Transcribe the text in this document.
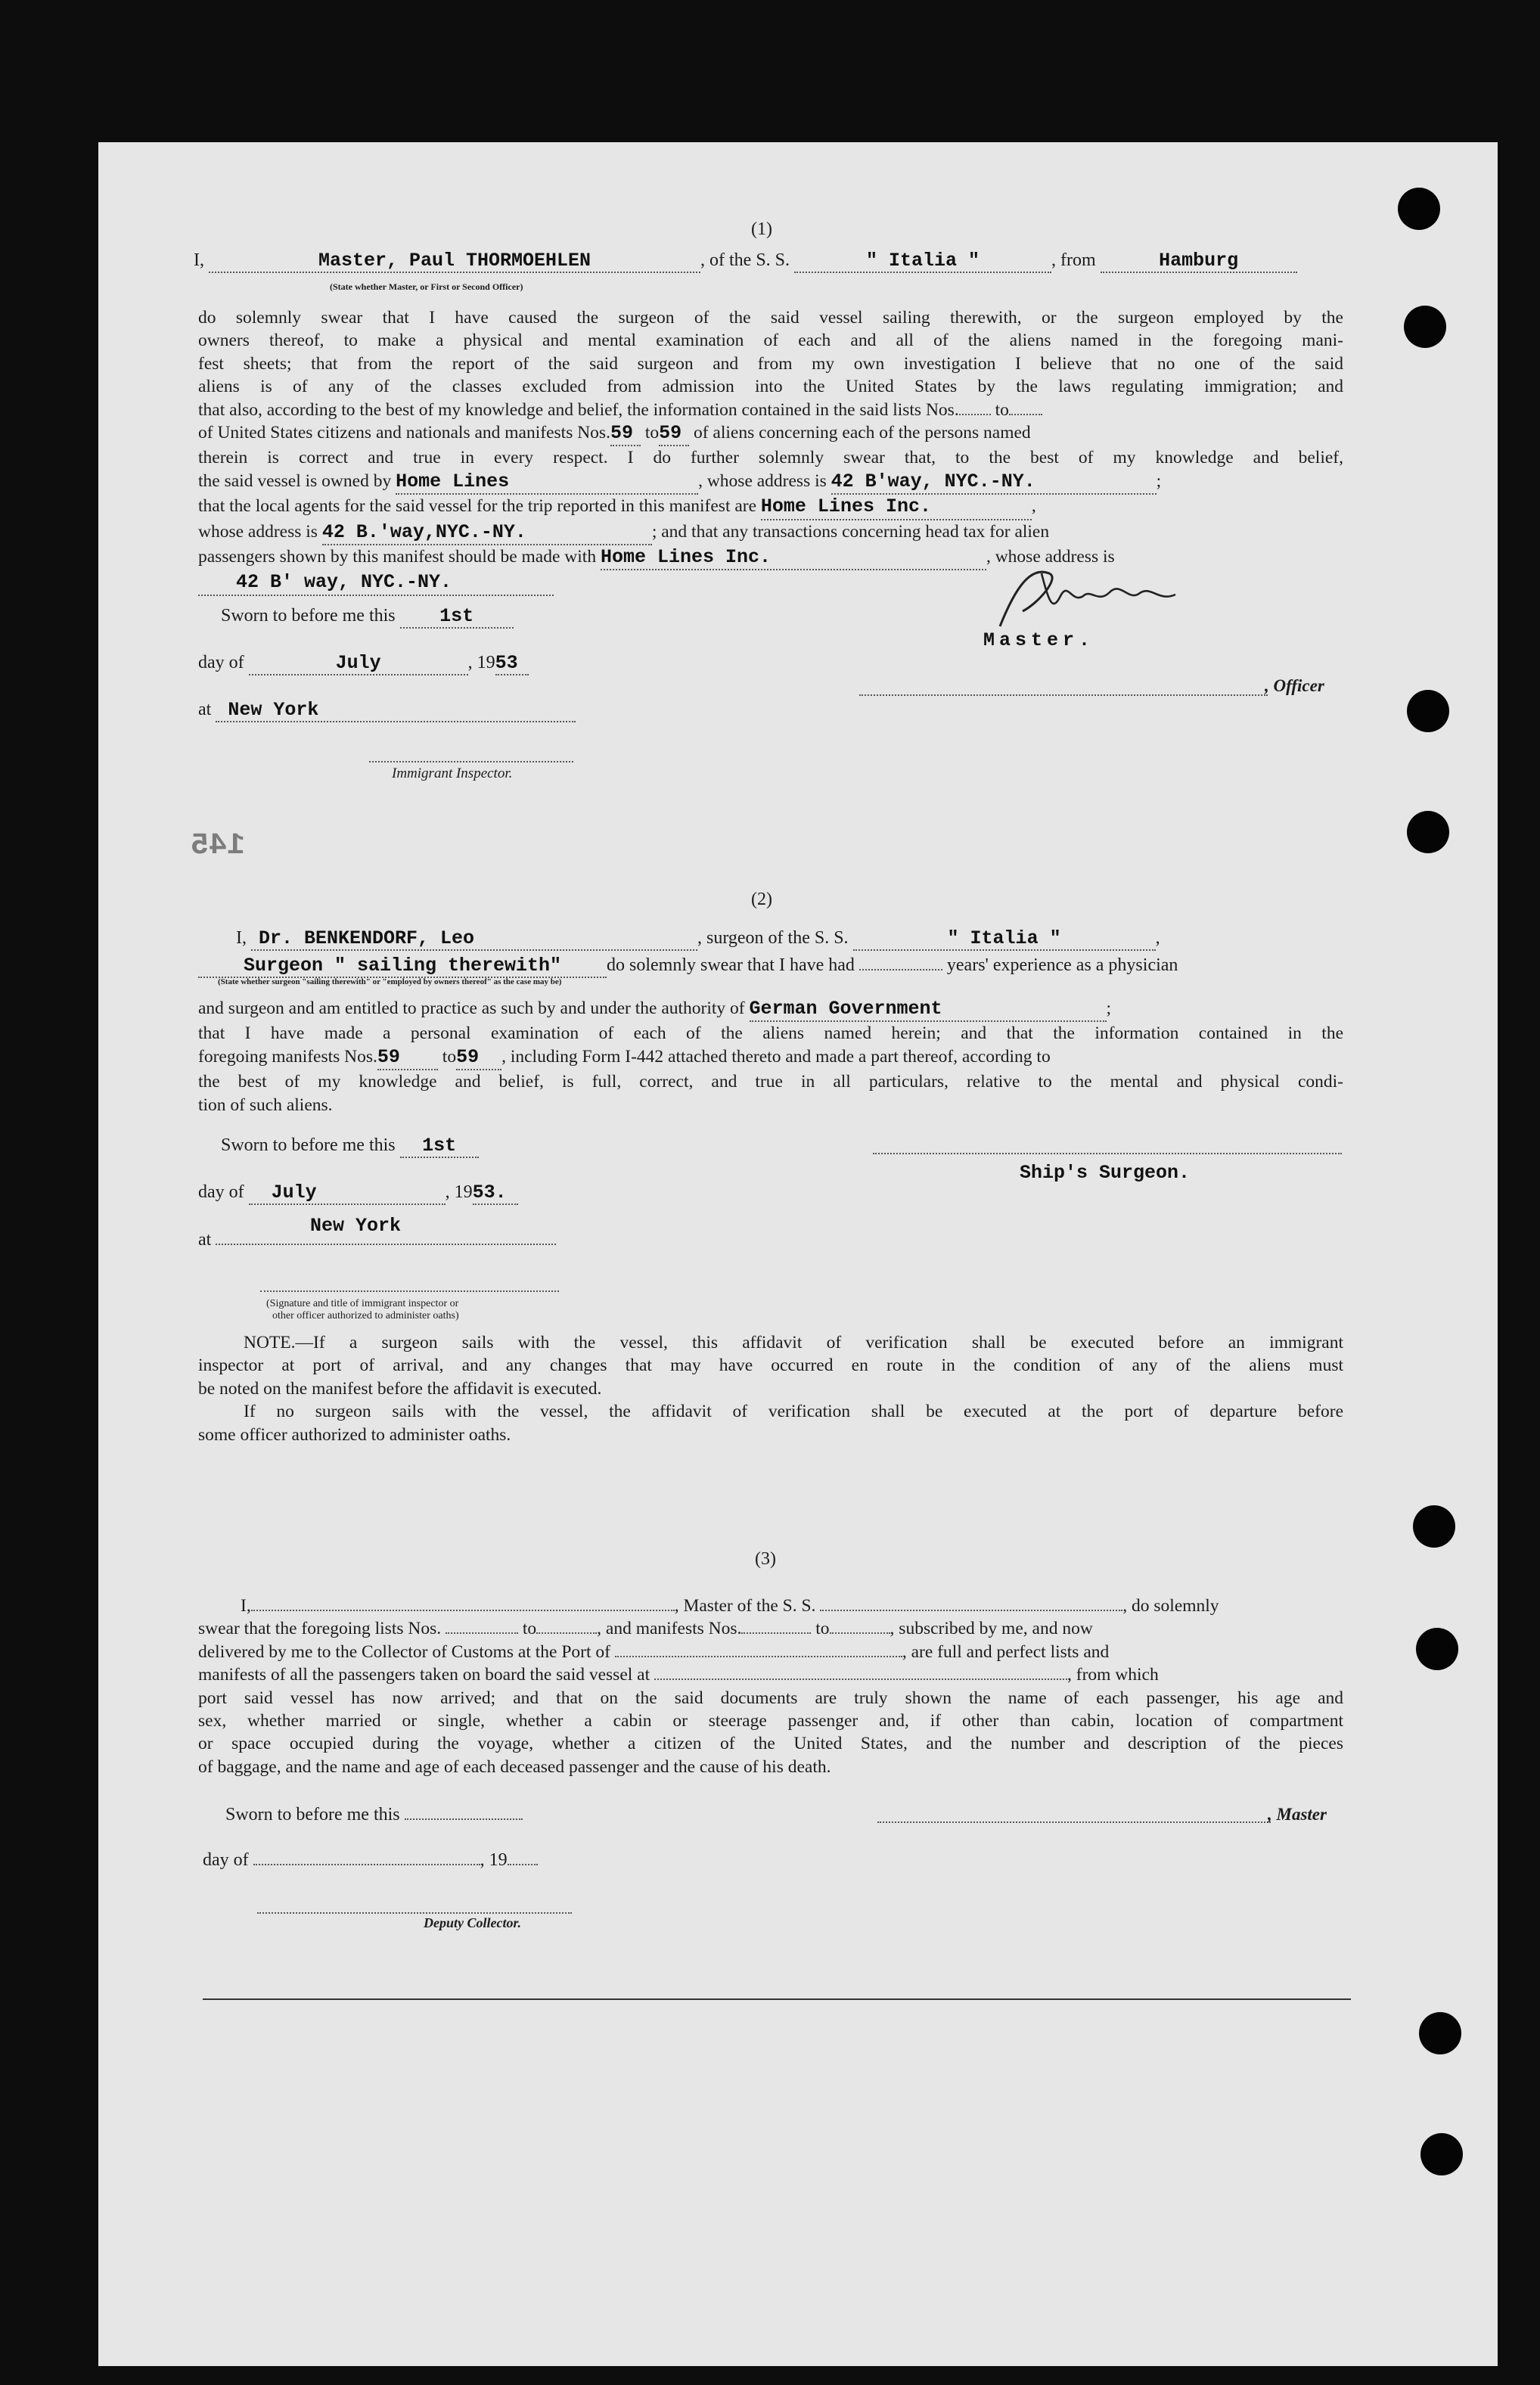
(1)
I,	Master, Paul THORMOEHLEN	, of the S. S.	" Italia "	, from	Hamburg
(State whether Master, or First or Second Officer)
do solemnly swear that I have caused the surgeon of the said vessel sailing therewith, or the surgeon employed by the
owners thereof, to make a physical and mental examination of each and all of the aliens named in the foregoing mani-
fest sheets; that from the report of the said surgeon and from my own investigation I believe that no one of the said
aliens is of any of the classes excluded from admission into the United States by the laws regulating immigration; and
that also, according to the best of my knowledge and belief, the information contained in the said lists Nos. to
of United States citizens and nationals and manifests Nos.59 to59 of aliens concerning each of the persons named
therein is correct and true in every respect. I do further solemnly swear that, to the best of my knowledge and belief,
the said vessel is owned by Home Lines	, whose address is 42 B'way, NYC.-NY.	;
that the local agents for the said vessel for the trip reported in this manifest are Home Lines Inc.	,
whose address is 42 B.'way,NYC.-NY.	; and that any transactions concerning head tax for alien
passengers shown by this manifest should be made with Home Lines Inc.	, whose address is
42 B' way, NYC.-NY.
Sworn to before me this 1st
day of	July	, 1953
at New York
Immigrant Inspector.
Master.
, Officer
145
(2)
I, Dr. BENKENDORF, Leo	, surgeon of the S. S.	" Italia "	,
Surgeon " sailing therewith" do solemnly swear that I have had	years' experience as a physician
(State whether surgeon "sailing therewith" or "employed by owners thereof" as the case may be)
and surgeon and am entitled to practice as such by and under the authority of German Government	;
that I have made a personal examination of each of the aliens named herein; and that the information contained in the
foregoing manifests Nos.59 to59 , including Form I-442 attached thereto and made a part thereof, according to
the best of my knowledge and belief, is full, correct, and true in all particulars, relative to the mental and physical condi-
tion of such aliens.
Sworn to before me this 1st
Ship's Surgeon.
day of July	, 1953.
New York
at
(Signature and title of immigrant inspector or
other officer authorized to administer oaths)
NOTE.—If a surgeon sails with the vessel, this affidavit of verification shall be executed before an immigrant
inspector at port of arrival, and any changes that may have occurred en route in the condition of any of the aliens must
be noted on the manifest before the affidavit is executed.
If no surgeon sails with the vessel, the affidavit of verification shall be executed at the port of departure before
some officer authorized to administer oaths.
(3)
I,	, Master of the S. S.	, do solemnly
swear that the foregoing lists Nos.	to	, and manifests Nos.	to	, subscribed by me, and now
delivered by me to the Collector of Customs at the Port of	, are full and perfect lists and
manifests of all the passengers taken on board the said vessel at	, from which
port said vessel has now arrived; and that on the said documents are truly shown the name of each passenger, his age and
sex, whether married or single, whether a cabin or steerage passenger and, if other than cabin, location of compartment
or space occupied during the voyage, whether a citizen of the United States, and the number and description of the pieces
of baggage, and the name and age of each deceased passenger and the cause of his death.
Sworn to before me this	, Master
day of	, 19
Deputy Collector.
